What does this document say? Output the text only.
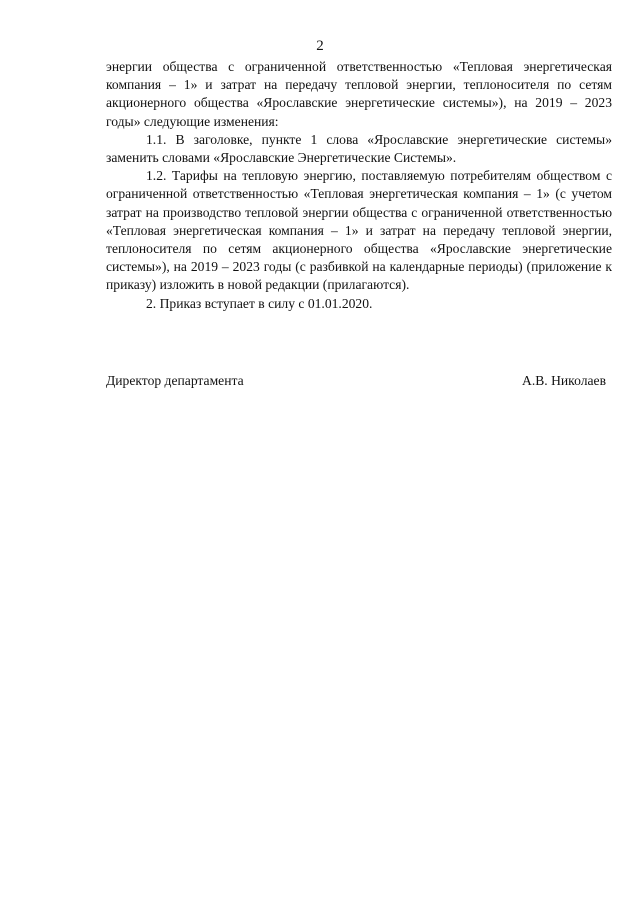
2

энергии общества с ограниченной ответственностью «Тепловая энергетическая компания – 1» и затрат на передачу тепловой энергии, теплоносителя по сетям акционерного общества «Ярославские энергетические системы»), на 2019 – 2023 годы» следующие изменения:

1.1. В заголовке, пункте 1 слова «Ярославские энергетические системы» заменить словами «Ярославские Энергетические Системы».

1.2. Тарифы на тепловую энергию, поставляемую потребителям обществом с ограниченной ответственностью «Тепловая энергетическая компания – 1» (с учетом затрат на производство тепловой энергии общества с ограниченной ответственностью «Тепловая энергетическая компания – 1» и затрат на передачу тепловой энергии, теплоносителя по сетям акционерного общества «Ярославские энергетические системы»), на 2019 – 2023 годы (с разбивкой на календарные периоды) (приложение к приказу) изложить в новой редакции (прилагаются).

2. Приказ вступает в силу с 01.01.2020.

Директор департамента	А.В. Николаев
